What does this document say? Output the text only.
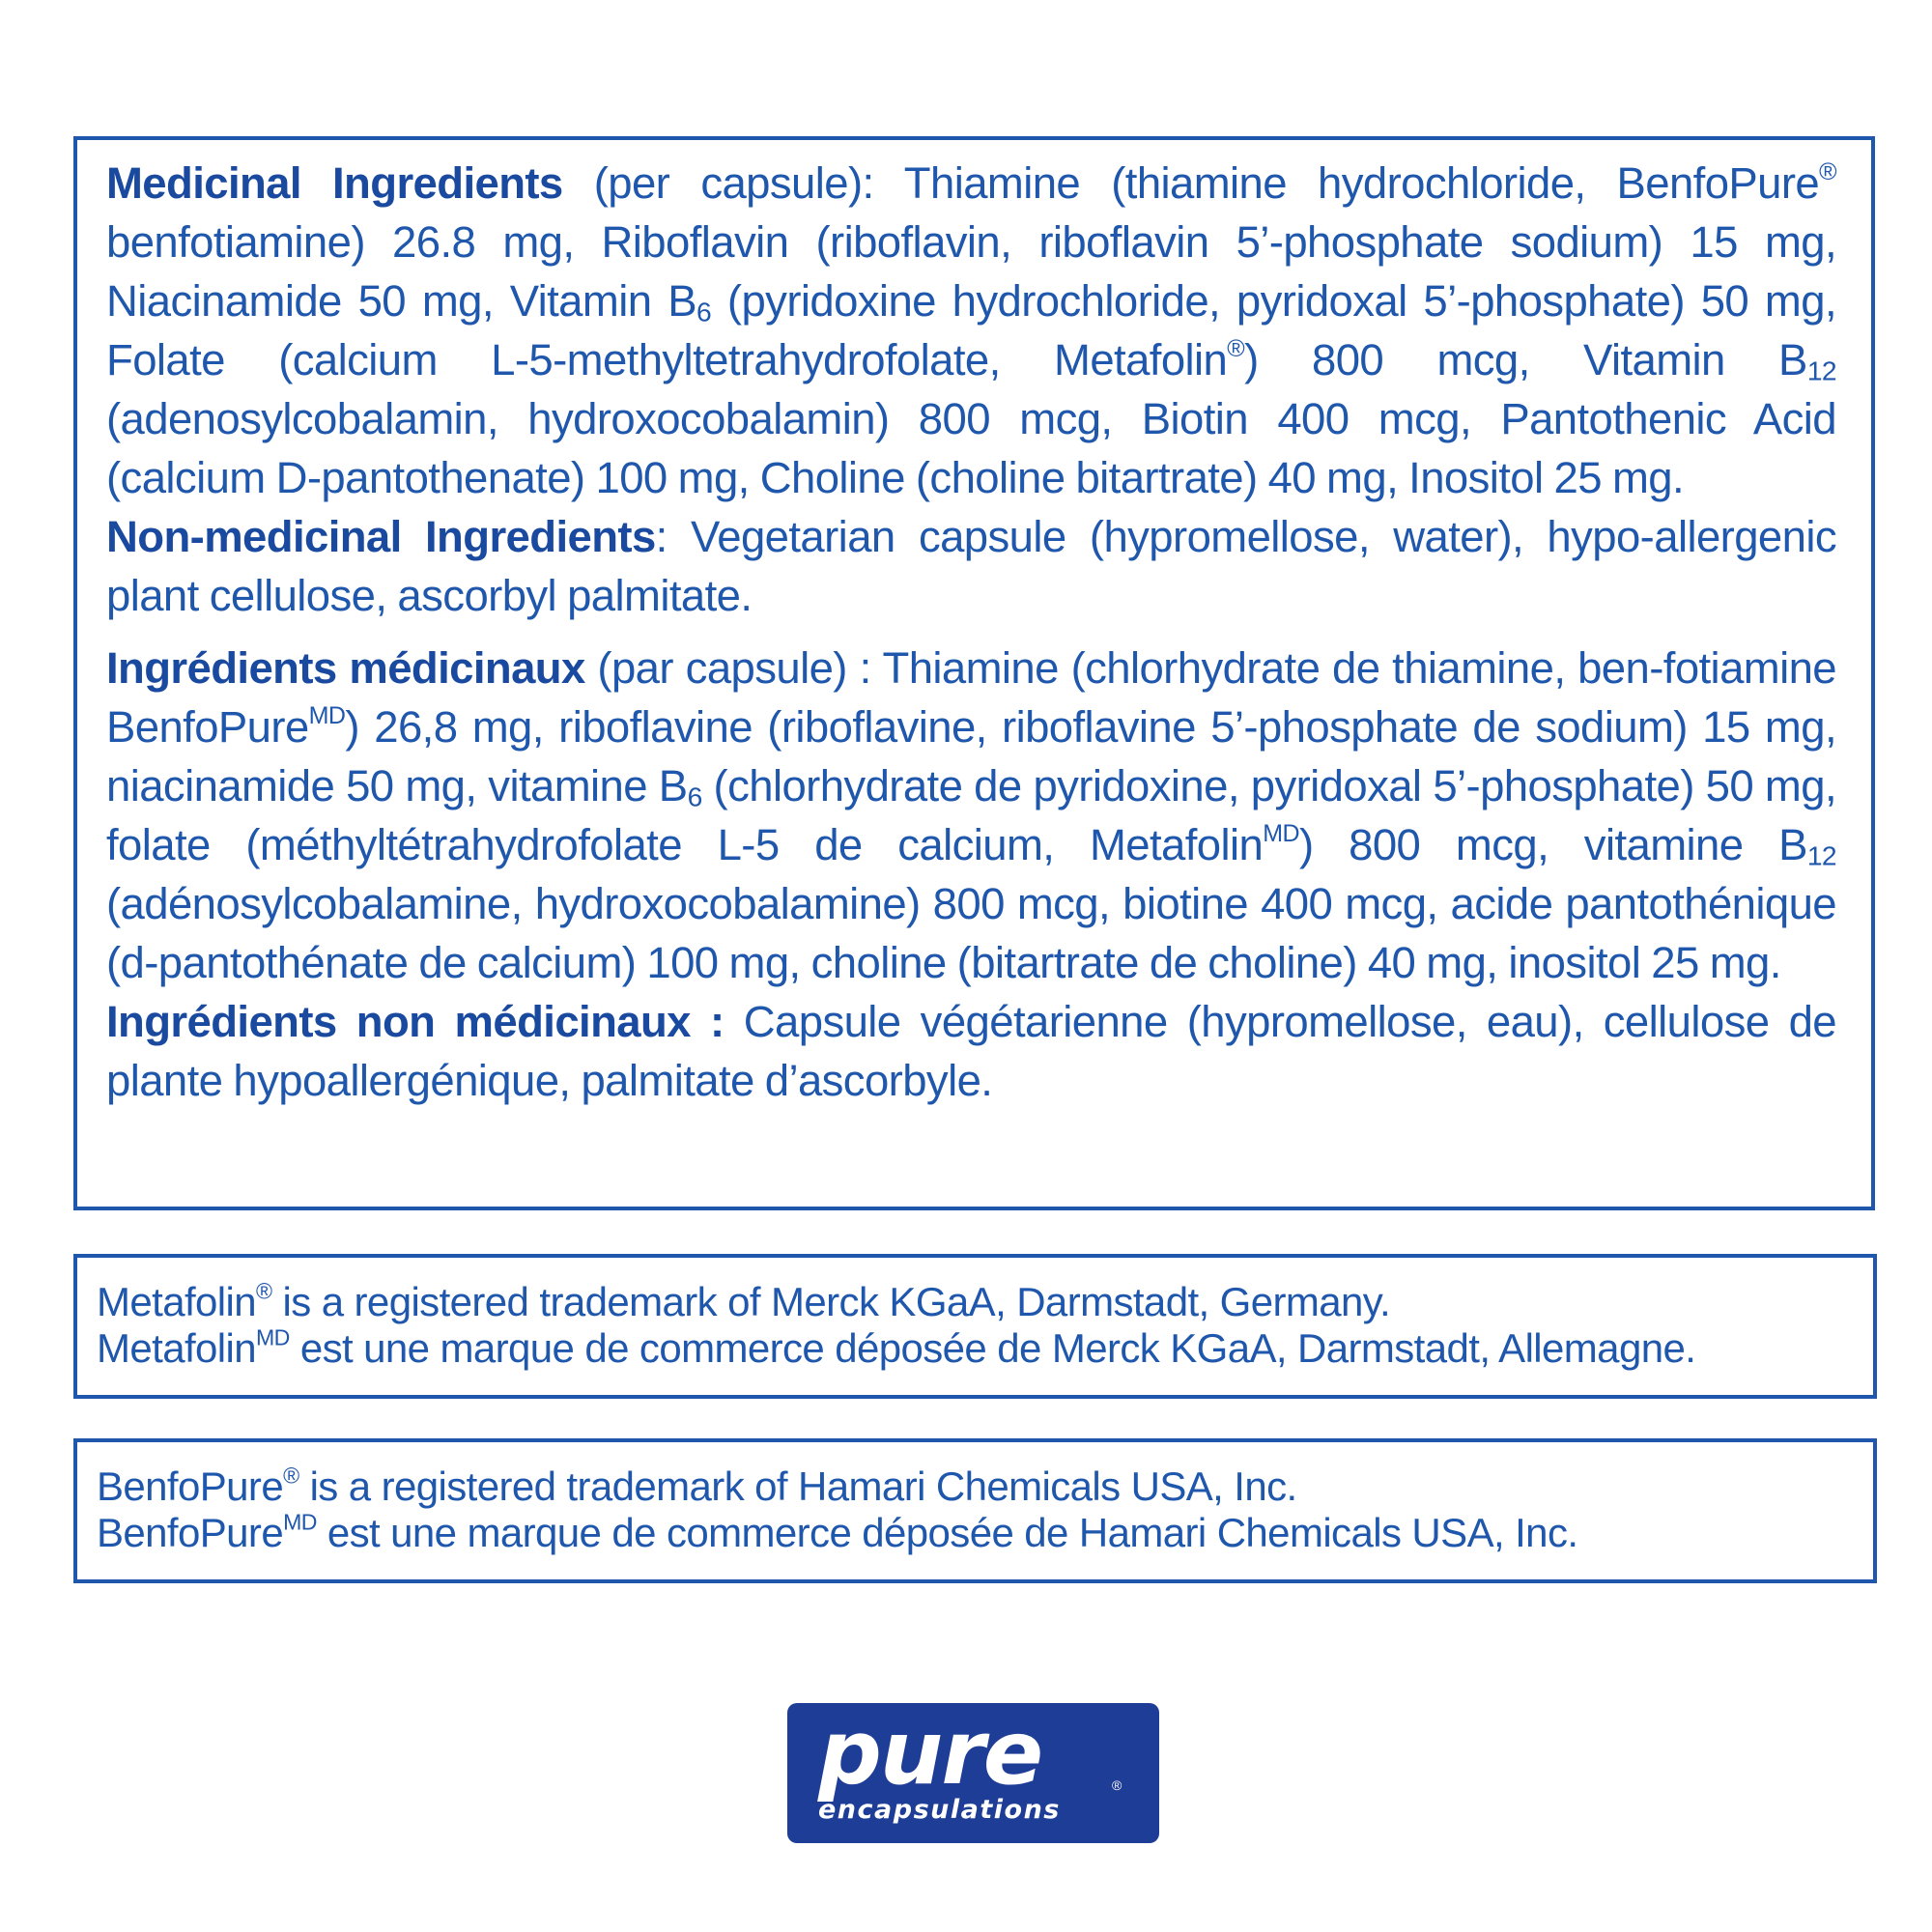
Medicinal Ingredients (per capsule): Thiamine (thiamine hydrochloride, BenfoPure® benfotiamine) 26.8 mg, Riboflavin (riboflavin, riboflavin 5’-phosphate sodium) 15 mg, Niacinamide 50 mg, Vitamin $B_6$ (pyridoxine hydrochloride, pyridoxal 5’-phosphate) 50 mg, Folate (calcium L-5-methyltetrahydrofolate, Metafolin®) 800 mcg, Vitamin $B_{12}$ (adenosylcobalamin, hydroxocobalamin) 800 mcg, Biotin 400 mcg, Pantothenic Acid (calcium D-pantothenate) 100 mg, Choline (choline bitartrate) 40 mg, Inositol 25 mg.

Non-medicinal Ingredients: Vegetarian capsule (hypromellose, water), hypo-allergenic plant cellulose, ascorbyl palmitate.

Ingrédients médicinaux (par capsule) : Thiamine (chlorhydrate de thiamine, ben-fotiamine BenfoPure$^{MD}$) 26,8 mg, riboflavine (riboflavine, riboflavine 5’-phosphate de sodium) 15 mg, niacinamide 50 mg, vitamine $B_6$ (chlorhydrate de pyridoxine, pyridoxal 5’-phosphate) 50 mg, folate (méthyltétrahydrofolate L-5 de calcium, Metafolin$^{MD}$) 800 mcg, vitamine $B_{12}$ (adénosylcobalamine, hydroxocobalamine) 800 mcg, biotine 400 mcg, acide pantothénique (d-pantothénate de calcium) 100 mg, choline (bitartrate de choline) 40 mg, inositol 25 mg.

Ingrédients non médicinaux : Capsule végétarienne (hypromellose, eau), cellulose de plante hypoallergénique, palmitate d’ascorbyle.

Metafolin® is a registered trademark of Merck KGaA, Darmstadt, Germany.

Metafolin$^{MD}$ est une marque de commerce déposée de Merck KGaA, Darmstadt, Allemagne.

BenfoPure® is a registered trademark of Hamari Chemicals USA, Inc.

BenfoPure$^{MD}$ est une marque de commerce déposée de Hamari Chemicals USA, Inc.

pure	®
encapsulations
